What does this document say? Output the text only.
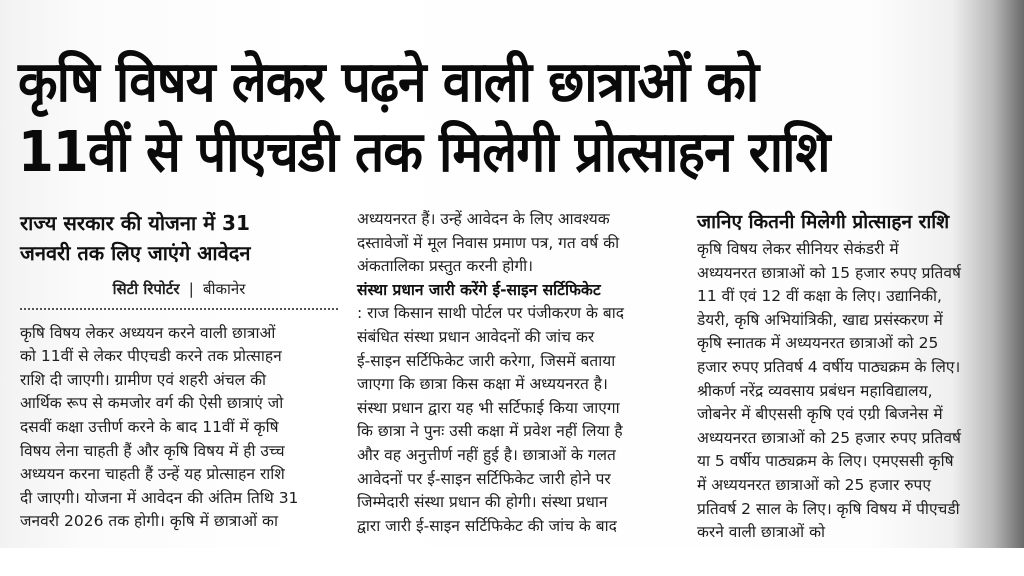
कृषि विषय लेकर पढ़ने वाली छात्राओं को
11वीं से पीएचडी तक मिलेगी प्रोत्साहन राशि
राज्य सरकार की योजना में 31
जनवरी तक लिए जाएंगे आवेदन
सिटी रिपोर्टर | बीकानेर
कृषि विषय लेकर अध्ययन करने वाली छात्राओं
को 11वीं से लेकर पीएचडी करने तक प्रोत्साहन
राशि दी जाएगी। ग्रामीण एवं शहरी अंचल की
आर्थिक रूप से कमजोर वर्ग की ऐसी छात्राएं जो
दसवीं कक्षा उत्तीर्ण करने के बाद 11वीं में कृषि
विषय लेना चाहती हैं और कृषि विषय में ही उच्च
अध्ययन करना चाहती हैं उन्हें यह प्रोत्साहन राशि
दी जाएगी। योजना में आवेदन की अंतिम तिथि 31
जनवरी 2026 तक होगी। कृषि में छात्राओं का
अध्ययनरत हैं। उन्हें आवेदन के लिए आवश्यक
दस्तावेजों में मूल निवास प्रमाण पत्र, गत वर्ष की
अंकतालिका प्रस्तुत करनी होगी।
संस्था प्रधान जारी करेंगे ई-साइन सर्टिफिकेट
: राज किसान साथी पोर्टल पर पंजीकरण के बाद
संबंधित संस्था प्रधान आवेदनों की जांच कर
ई-साइन सर्टिफिकेट जारी करेगा, जिसमें बताया
जाएगा कि छात्रा किस कक्षा में अध्ययनरत है।
संस्था प्रधान द्वारा यह भी सर्टिफाई किया जाएगा
कि छात्रा ने पुनः उसी कक्षा में प्रवेश नहीं लिया है
और वह अनुत्तीर्ण नहीं हुई है। छात्राओं के गलत
आवेदनों पर ई-साइन सर्टिफिकेट जारी होने पर
जिम्मेदारी संस्था प्रधान की होगी। संस्था प्रधान
द्वारा जारी ई-साइन सर्टिफिकेट की जांच के बाद
जानिए कितनी मिलेगी प्रोत्साहन राशि
कृषि विषय लेकर सीनियर सेकंडरी में
अध्ययनरत छात्राओं को 15 हजार रुपए प्रतिवर्ष
11 वीं एवं 12 वीं कक्षा के लिए। उद्यानिकी,
डेयरी, कृषि अभियांत्रिकी, खाद्य प्रसंस्करण में
कृषि स्नातक में अध्ययनरत छात्राओं को 25
हजार रुपए प्रतिवर्ष 4 वर्षीय पाठ्यक्रम के लिए।
श्रीकर्ण नरेंद्र व्यवसाय प्रबंधन महाविद्यालय,
जोबनेर में बीएससी कृषि एवं एग्री बिजनेस में
अध्ययनरत छात्राओं को 25 हजार रुपए प्रतिवर्ष
या 5 वर्षीय पाठ्यक्रम के लिए। एमएससी कृषि
में अध्ययनरत छात्राओं को 25 हजार रुपए
प्रतिवर्ष 2 साल के लिए। कृषि विषय में पीएचडी
करने वाली छात्राओं को
